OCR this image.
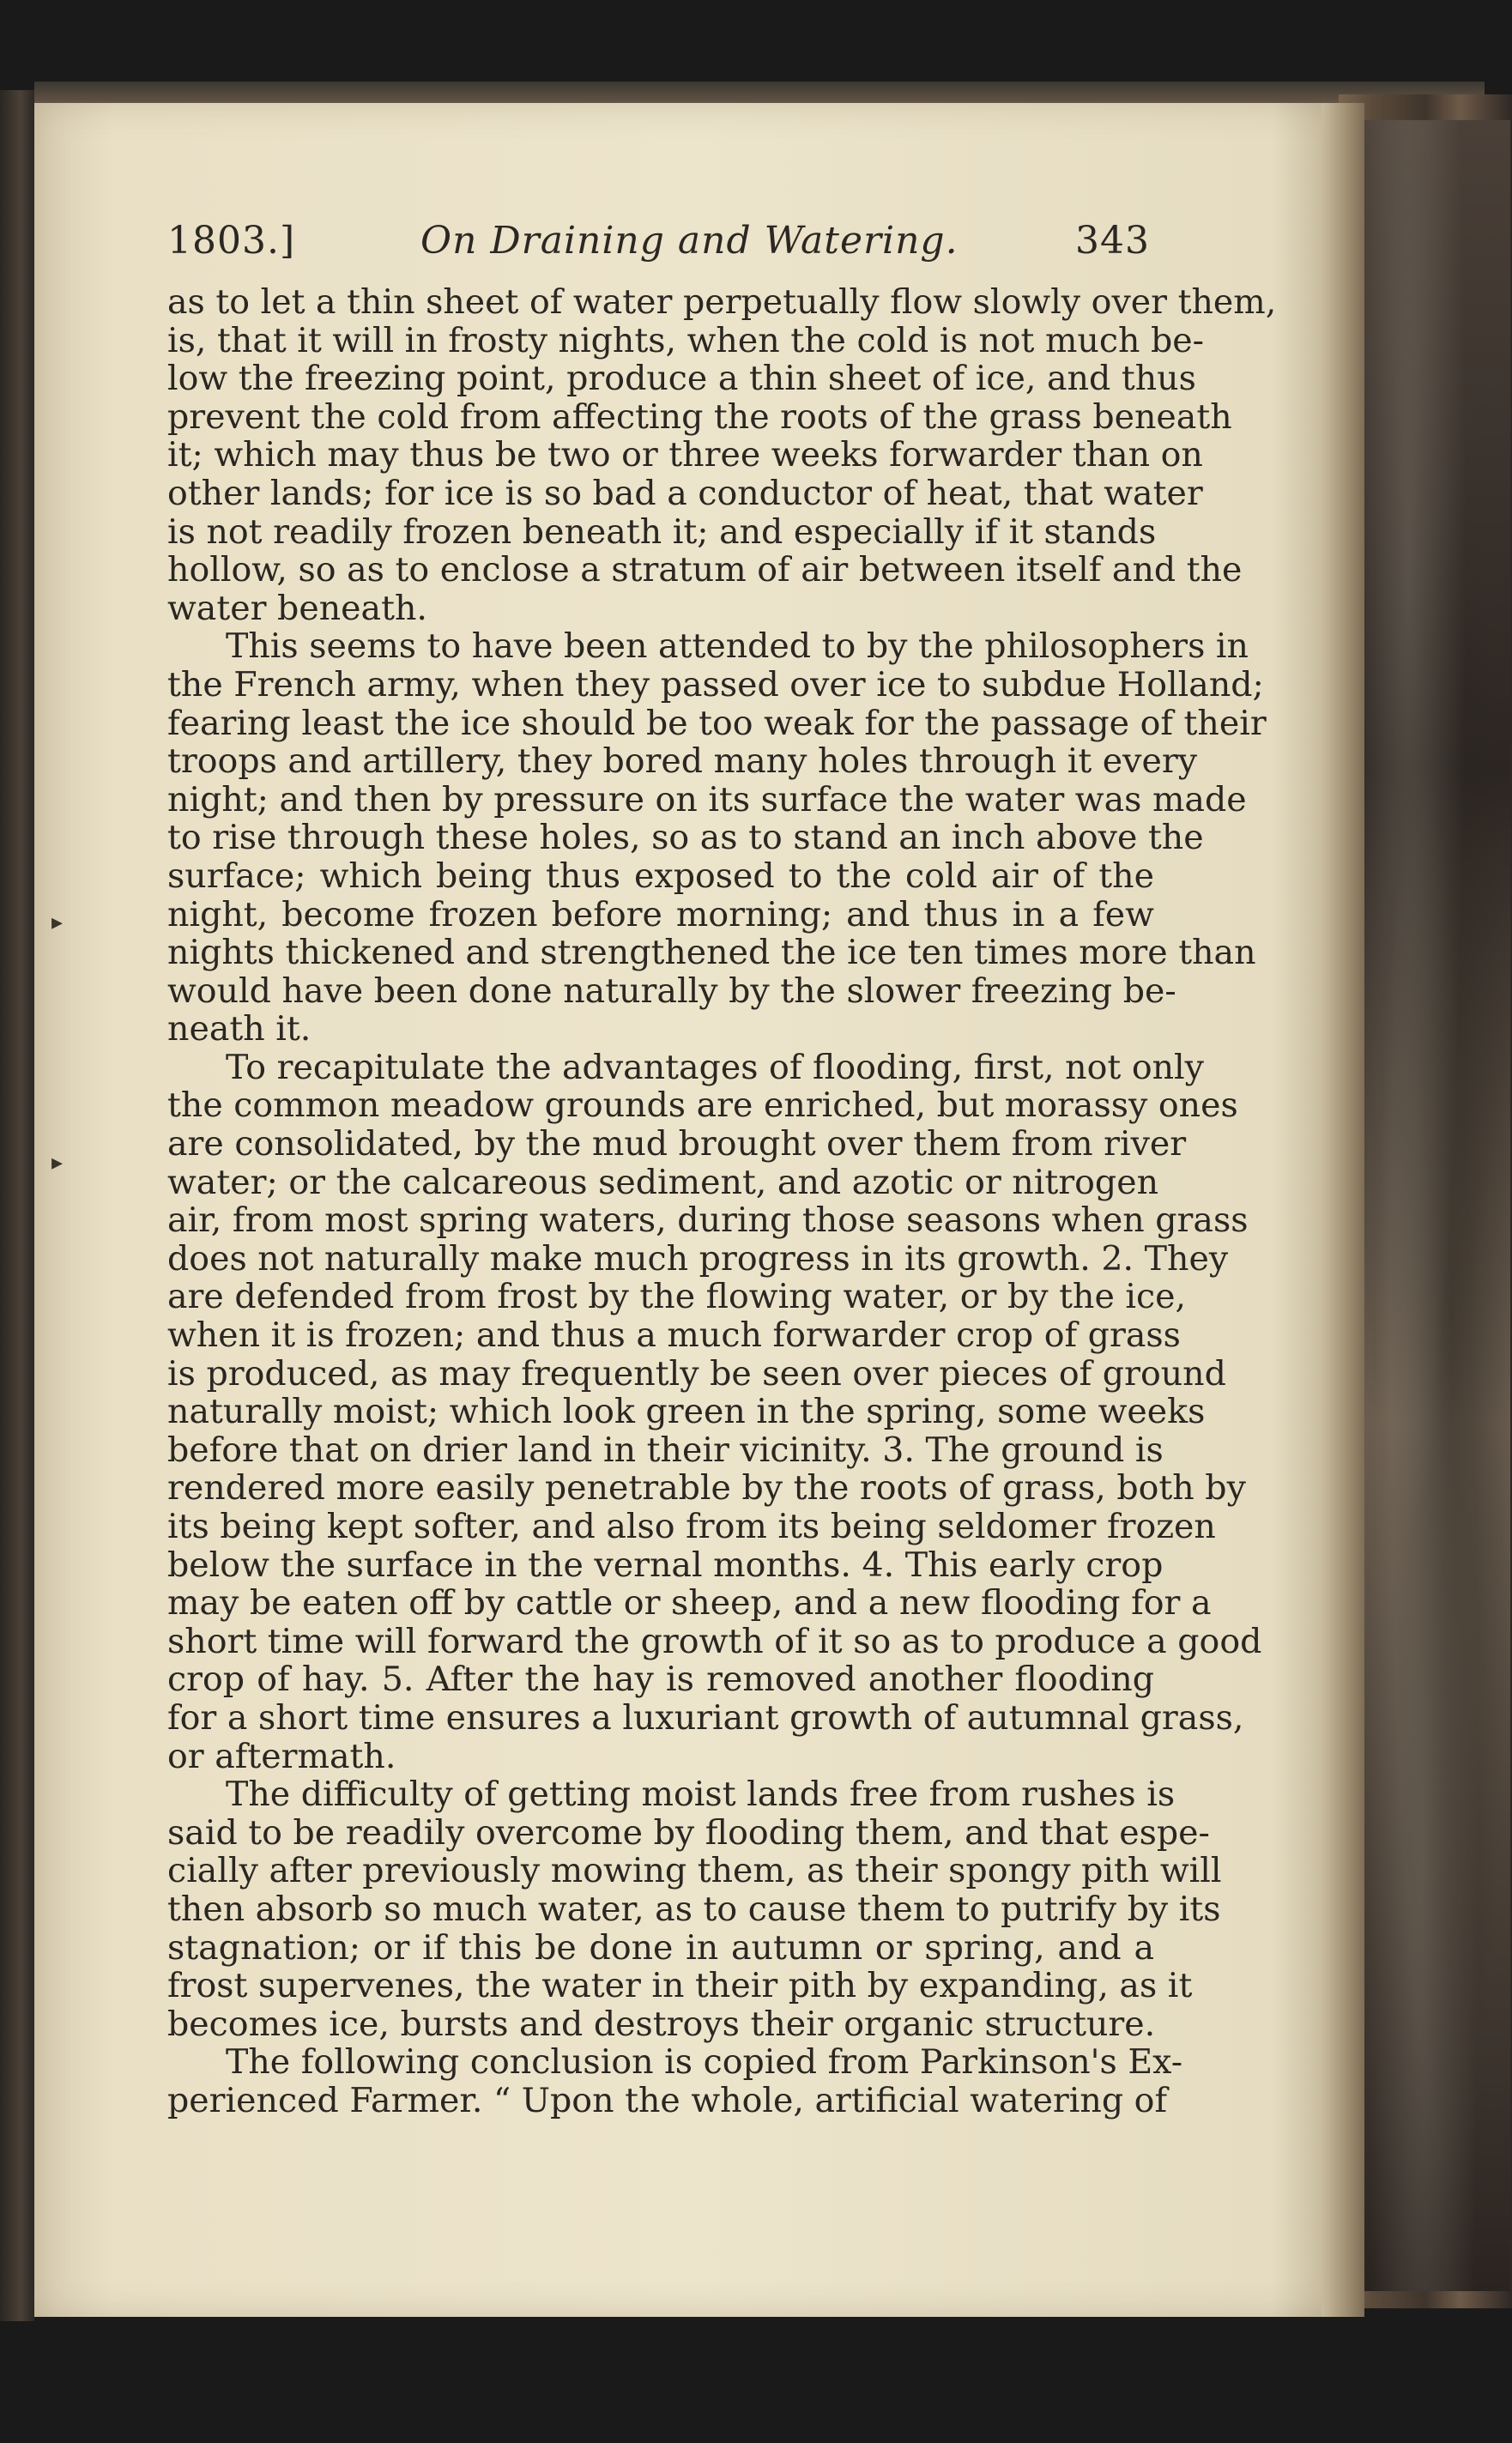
1803.]	On Draining and Watering.	343
as to let a thin sheet of water perpetually flow slowly over them,
is, that it will in frosty nights, when the cold is not much be-
low the freezing point, produce a thin sheet of ice, and thus
prevent the cold from affecting the roots of the grass beneath
it; which may thus be two or three weeks forwarder than on
other lands; for ice is so bad a conductor of heat, that water
is not readily frozen beneath it; and especially if it stands
hollow, so as to enclose a stratum of air between itself and the
water beneath.
This seems to have been attended to by the philosophers in
the French army, when they passed over ice to subdue Holland;
fearing least the ice should be too weak for the passage of their
troops and artillery, they bored many holes through it every
night; and then by pressure on its surface the water was made
to rise through these holes, so as to stand an inch above the
surface; which being thus exposed to the cold air of the
night, become frozen before morning; and thus in a few
nights thickened and strengthened the ice ten times more than
would have been done naturally by the slower freezing be-
neath it.
To recapitulate the advantages of flooding, first, not only
the common meadow grounds are enriched, but morassy ones
are consolidated, by the mud brought over them from river
water; or the calcareous sediment, and azotic or nitrogen
air, from most spring waters, during those seasons when grass
does not naturally make much progress in its growth. 2. They
are defended from frost by the flowing water, or by the ice,
when it is frozen; and thus a much forwarder crop of grass
is produced, as may frequently be seen over pieces of ground
naturally moist; which look green in the spring, some weeks
before that on drier land in their vicinity. 3. The ground is
rendered more easily penetrable by the roots of grass, both by
its being kept softer, and also from its being seldomer frozen
below the surface in the vernal months. 4. This early crop
may be eaten off by cattle or sheep, and a new flooding for a
short time will forward the growth of it so as to produce a good
crop of hay. 5. After the hay is removed another flooding
for a short time ensures a luxuriant growth of autumnal grass,
or aftermath.
The difficulty of getting moist lands free from rushes is
said to be readily overcome by flooding them, and that espe-
cially after previously mowing them, as their spongy pith will
then absorb so much water, as to cause them to putrify by its
stagnation; or if this be done in autumn or spring, and a
frost supervenes, the water in their pith by expanding, as it
becomes ice, bursts and destroys their organic structure.
The following conclusion is copied from Parkinson's Ex-
perienced Farmer. “ Upon the whole, artificial watering of
▸
▸
